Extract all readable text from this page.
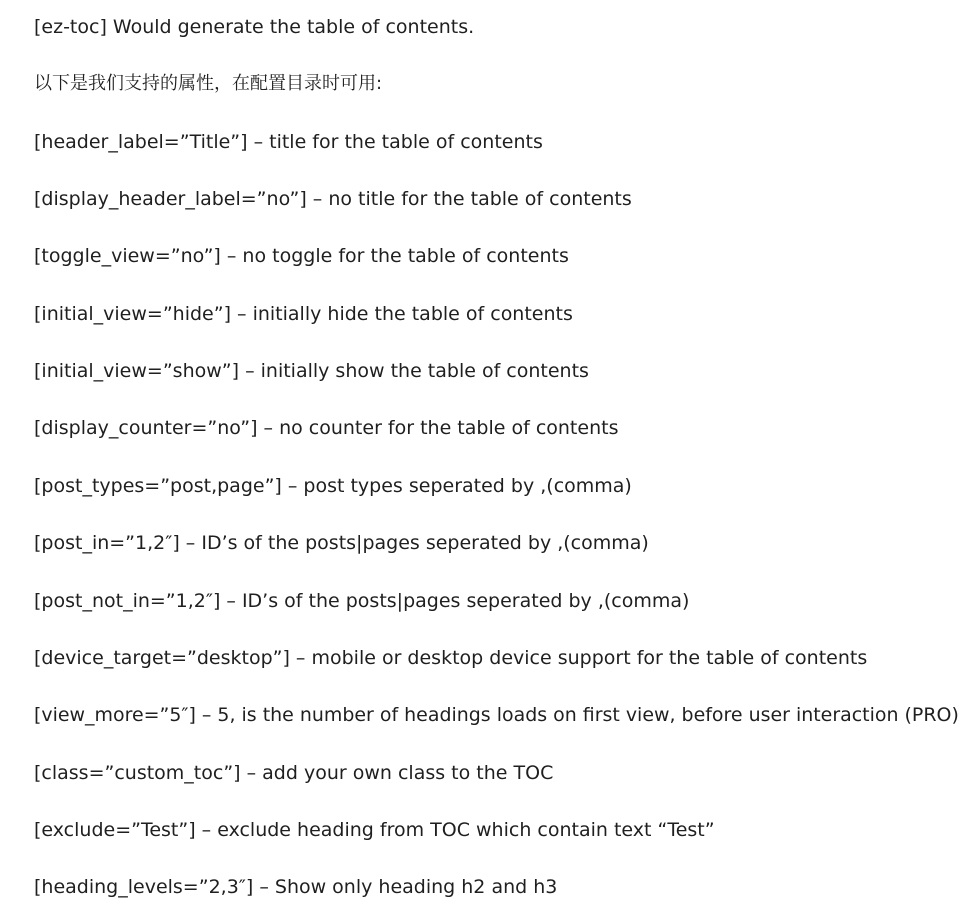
[ez-toc] Would generate the table of contents.

以下是我们支持的属性，在配置目录时可用:

[header_label=”Title”] – title for the table of contents

[display_header_label=”no”] – no title for the table of contents

[toggle_view=”no”] – no toggle for the table of contents

[initial_view=”hide”] – initially hide the table of contents

[initial_view=”show”] – initially show the table of contents

[display_counter=”no”] – no counter for the table of contents

[post_types=”post,page”] – post types seperated by ,(comma)

[post_in=”1,2″] – ID’s of the posts|pages seperated by ,(comma)

[post_not_in=”1,2″] – ID’s of the posts|pages seperated by ,(comma)

[device_target=”desktop”] – mobile or desktop device support for the table of contents

[view_more=”5″] – 5, is the number of headings loads on first view, before user interaction (PRO)

[class=”custom_toc”] – add your own class to the TOC

[exclude=”Test”] – exclude heading from TOC which contain text “Test”

[heading_levels=”2,3″] – Show only heading h2 and h3
